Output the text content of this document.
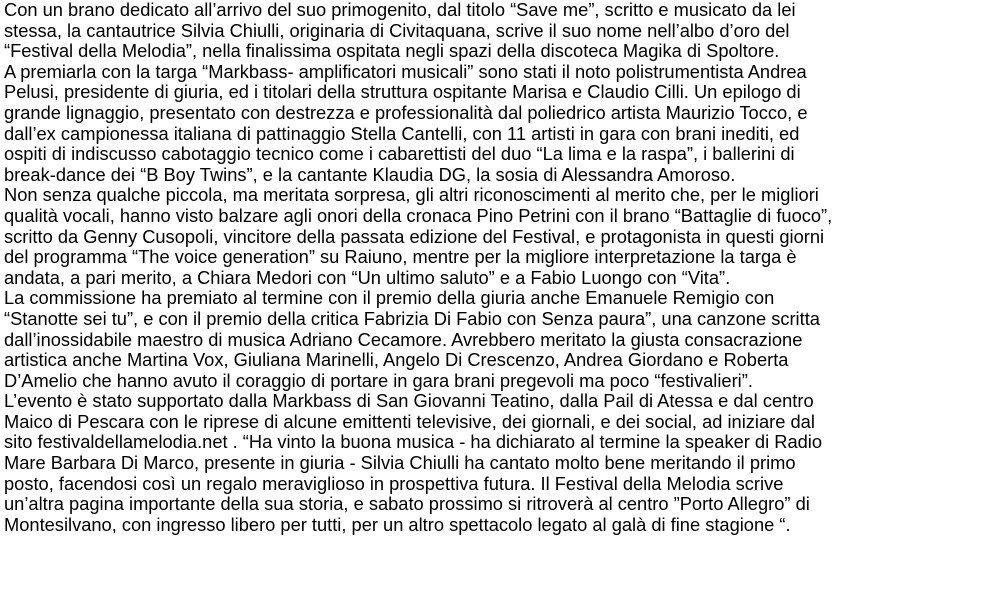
Con un brano dedicato all’arrivo del suo primogenito, dal titolo “Save me”, scritto e musicato da lei
stessa, la cantautrice Silvia Chiulli, originaria di Civitaquana, scrive il suo nome nell’albo d’oro del
“Festival della Melodia”, nella finalissima ospitata negli spazi della discoteca Magika di Spoltore.
A premiarla con la targa “Markbass- amplificatori musicali” sono stati il noto polistrumentista Andrea
Pelusi, presidente di giuria, ed i titolari della struttura ospitante Marisa e Claudio Cilli. Un epilogo di
grande lignaggio, presentato con destrezza e professionalità dal poliedrico artista Maurizio Tocco, e
dall’ex campionessa italiana di pattinaggio Stella Cantelli, con 11 artisti in gara con brani inediti, ed
ospiti di indiscusso cabotaggio tecnico come i cabarettisti del duo “La lima e la raspa”, i ballerini di
break-dance dei “B Boy Twins”, e la cantante Klaudia DG, la sosia di Alessandra Amoroso.
Non senza qualche piccola, ma meritata sorpresa, gli altri riconoscimenti al merito che, per le migliori
qualità vocali, hanno visto balzare agli onori della cronaca Pino Petrini con il brano “Battaglie di fuoco”,
scritto da Genny Cusopoli, vincitore della passata edizione del Festival, e protagonista in questi giorni
del programma “The voice generation” su Raiuno, mentre per la migliore interpretazione la targa è
andata, a pari merito, a Chiara Medori con “Un ultimo saluto” e a Fabio Luongo con “Vita”.
La commissione ha premiato al termine con il premio della giuria anche Emanuele Remigio con
“Stanotte sei tu”, e con il premio della critica Fabrizia Di Fabio con Senza paura”, una canzone scritta
dall’inossidabile maestro di musica Adriano Cecamore. Avrebbero meritato la giusta consacrazione
artistica anche Martina Vox, Giuliana Marinelli, Angelo Di Crescenzo, Andrea Giordano e Roberta
D’Amelio che hanno avuto il coraggio di portare in gara brani pregevoli ma poco “festivalieri”.
L’evento è stato supportato dalla Markbass di San Giovanni Teatino, dalla Pail di Atessa e dal centro
Maico di Pescara con le riprese di alcune emittenti televisive, dei giornali, e dei social, ad iniziare dal
sito festivaldellamelodia.net . “Ha vinto la buona musica - ha dichiarato al termine la speaker di Radio
Mare Barbara Di Marco, presente in giuria - Silvia Chiulli ha cantato molto bene meritando il primo
posto, facendosi così un regalo meraviglioso in prospettiva futura. Il Festival della Melodia scrive
un’altra pagina importante della sua storia, e sabato prossimo si ritroverà al centro ”Porto Allegro” di
Montesilvano, con ingresso libero per tutti, per un altro spettacolo legato al galà di fine stagione “.
